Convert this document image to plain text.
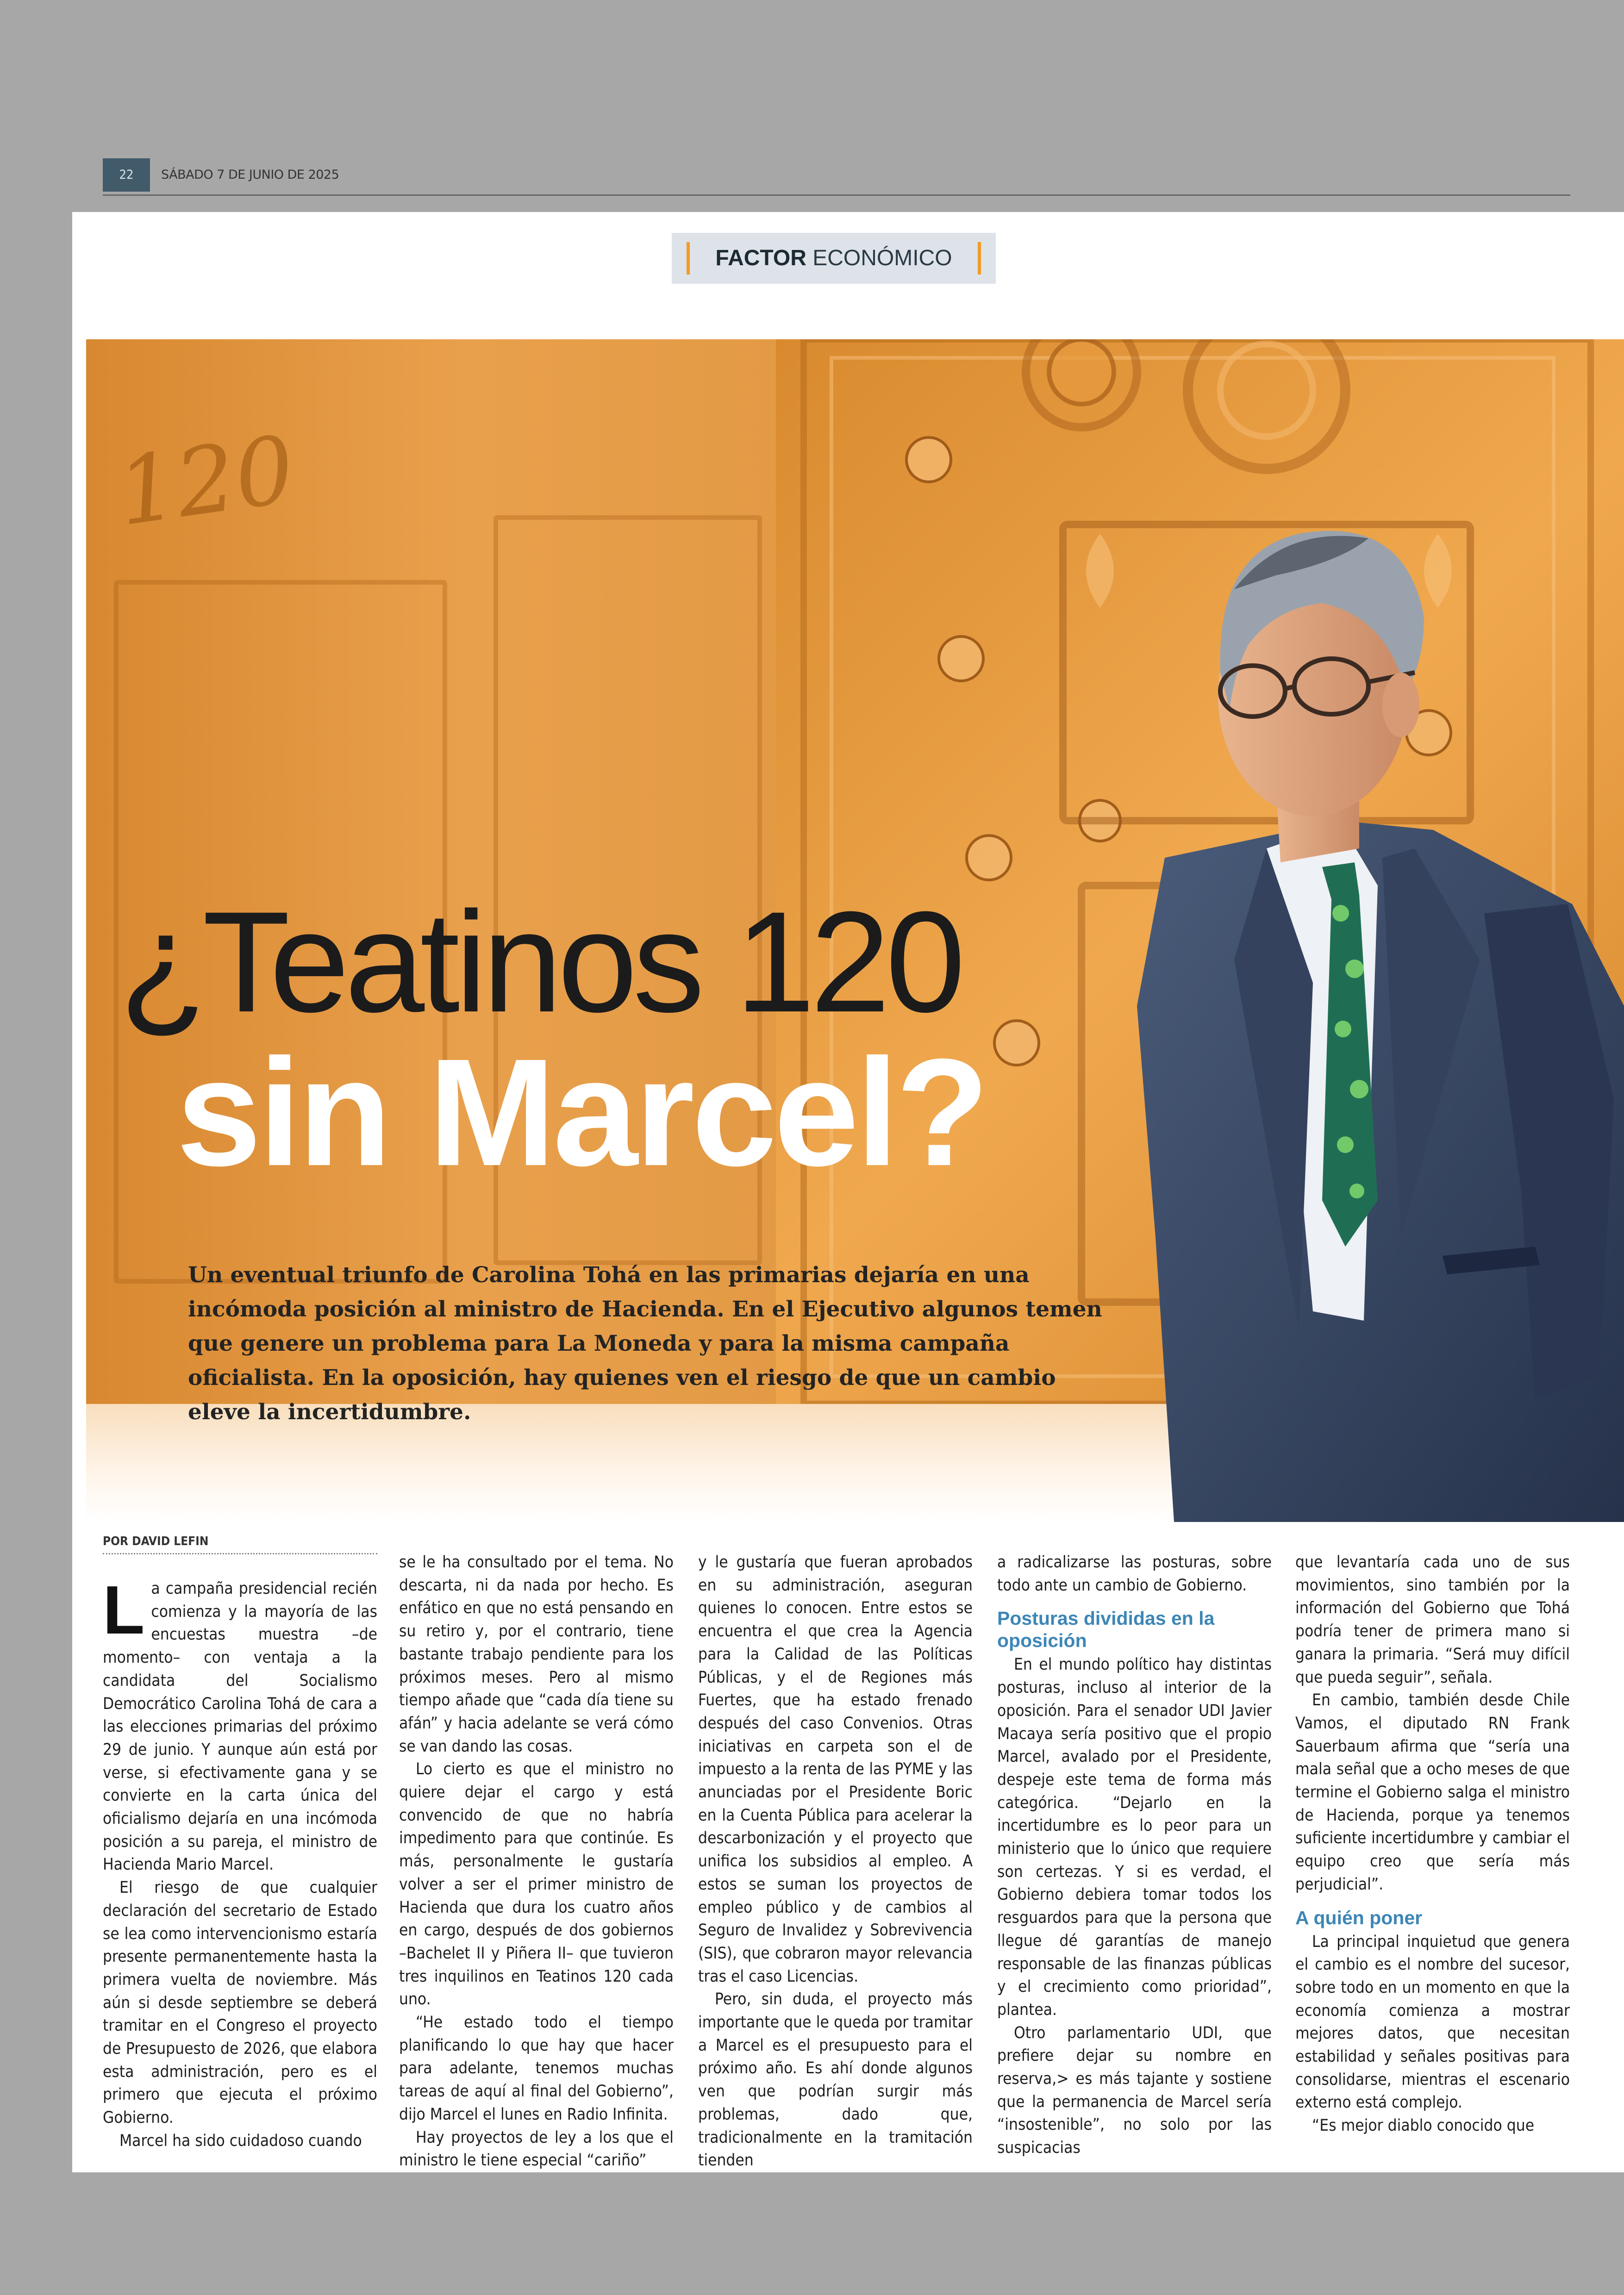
22	SÁBADO 7 DE JUNIO DE 2025
FACTOR ECONÓMICO
120
¿Teatinos 120
sin Marcel?
Un eventual triunfo de Carolina Tohá en las primarias dejaría en una incómoda posición al ministro de Hacienda. En el Ejecutivo algunos temen que genere un problema para La Moneda y para la misma campaña oficialista. En la oposición, hay quienes ven el riesgo de que un cambio eleve la incertidumbre.
POR DAVID LEFIN

La campaña presidencial recién comienza y la mayoría de las encuestas muestra –de momento– con ventaja a la candidata del Socialismo Democrático Carolina Tohá de cara a las elecciones primarias del próximo 29 de junio. Y aunque aún está por verse, si efectivamente gana y se convierte en la carta única del oficialismo dejaría en una incómoda posición a su pareja, el ministro de Hacienda Mario Marcel.

El riesgo de que cualquier declaración del secretario de Estado se lea como intervencionismo estaría presente permanentemente hasta la primera vuelta de noviembre. Más aún si desde septiembre se deberá tramitar en el Congreso el proyecto de Presupuesto de 2026, que elabora esta administración, pero es el primero que ejecuta el próximo Gobierno.

Marcel ha sido cuidadoso cuando

se le ha consultado por el tema. No descarta, ni da nada por hecho. Es enfático en que no está pensando en su retiro y, por el contrario, tiene bastante trabajo pendiente para los próximos meses. Pero al mismo tiempo añade que “cada día tiene su afán” y hacia adelante se verá cómo se van dando las cosas.

Lo cierto es que el ministro no quiere dejar el cargo y está convencido de que no habría impedimento para que continúe. Es más, personalmente le gustaría volver a ser el primer ministro de Hacienda que dura los cuatro años en cargo, después de dos gobiernos –Bachelet II y Piñera II– que tuvieron tres inquilinos en Teatinos 120 cada uno.

“He estado todo el tiempo planificando lo que hay que hacer para adelante, tenemos muchas tareas de aquí al final del Gobierno”, dijo Marcel el lunes en Radio Infinita.

Hay proyectos de ley a los que el ministro le tiene especial “cariño”

y le gustaría que fueran aprobados en su administración, aseguran quienes lo conocen. Entre estos se encuentra el que crea la Agencia para la Calidad de las Políticas Públicas, y el de Regiones más Fuertes, que ha estado frenado después del caso Convenios. Otras iniciativas en carpeta son el de impuesto a la renta de las PYME y las anunciadas por el Presidente Boric en la Cuenta Pública para acelerar la descarbonización y el proyecto que unifica los subsidios al empleo. A estos se suman los proyectos de empleo público y de cambios al Seguro de Invalidez y Sobrevivencia (SIS), que cobraron mayor relevancia tras el caso Licencias.

Pero, sin duda, el proyecto más importante que le queda por tramitar a Marcel es el presupuesto para el próximo año. Es ahí donde algunos ven que podrían surgir más problemas, dado que, tradicionalmente en la tramitación tienden

a radicalizarse las posturas, sobre todo ante un cambio de Gobierno.

Posturas divididas en la oposición

En el mundo político hay distintas posturas, incluso al interior de la oposición. Para el senador UDI Javier Macaya sería positivo que el propio Marcel, avalado por el Presidente, despeje este tema de forma más categórica. “Dejarlo en la incertidumbre es lo peor para un ministerio que lo único que requiere son certezas. Y si es verdad, el Gobierno debiera tomar todos los resguardos para que la persona que llegue dé garantías de manejo responsable de las finanzas públicas y el crecimiento como prioridad”, plantea.

Otro parlamentario UDI, que prefiere dejar su nombre en reserva,> es más tajante y sostiene que la permanencia de Marcel sería “insostenible”, no solo por las suspicacias

que levantaría cada uno de sus movimientos, sino también por la información del Gobierno que Tohá podría tener de primera mano si ganara la primaria. “Será muy difícil que pueda seguir”, señala.

En cambio, también desde Chile Vamos, el diputado RN Frank Sauerbaum afirma que “sería una mala señal que a ocho meses de que termine el Gobierno salga el ministro de Hacienda, porque ya tenemos suficiente incertidumbre y cambiar el equipo creo que sería más perjudicial”.

A quién poner

La principal inquietud que genera el cambio es el nombre del sucesor, sobre todo en un momento en que la economía comienza a mostrar mejores datos, que necesitan estabilidad y señales positivas para consolidarse, mientras el escenario externo está complejo.

“Es mejor diablo conocido que
